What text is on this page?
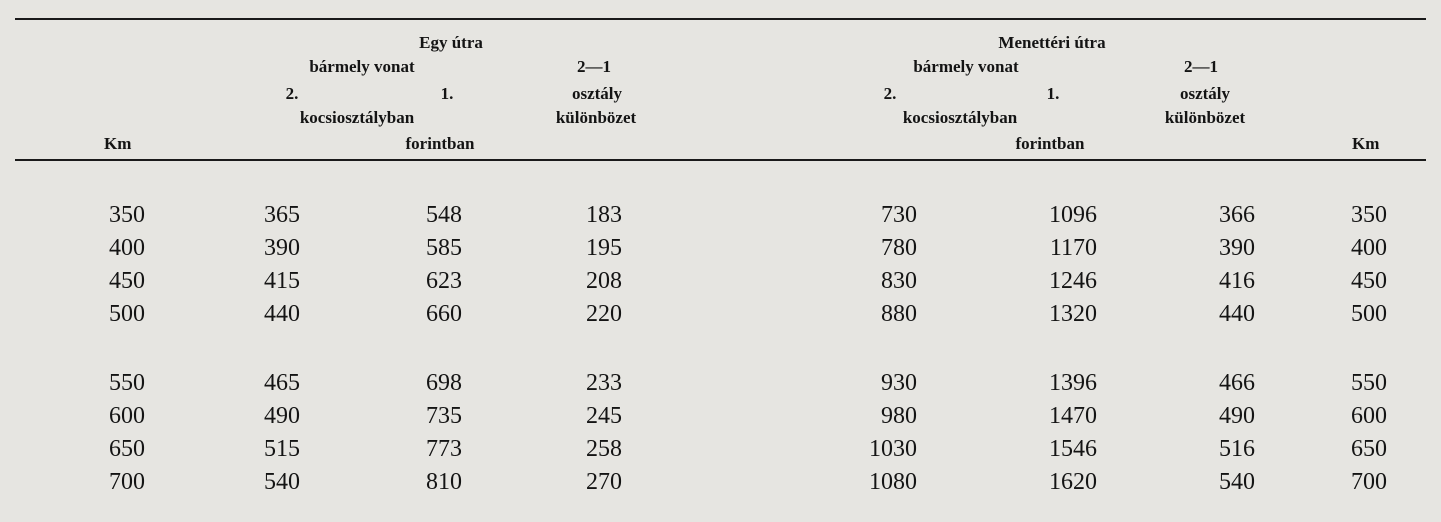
Egy útra
bármely vonat	2—1
2.	1.	osztály
kocsiosztályban	különbözet
Km	forintban
Menettéri útra
bármely vonat	2—1
2.	1.	osztály
kocsiosztályban	különbözet
forintban	Km
350	365	548	183	730	1096	366	350
400	390	585	195	780	1170	390	400
450	415	623	208	830	1246	416	450
500	440	660	220	880	1320	440	500
550	465	698	233	930	1396	466	550
600	490	735	245	980	1470	490	600
650	515	773	258	1030	1546	516	650
700	540	810	270	1080	1620	540	700
